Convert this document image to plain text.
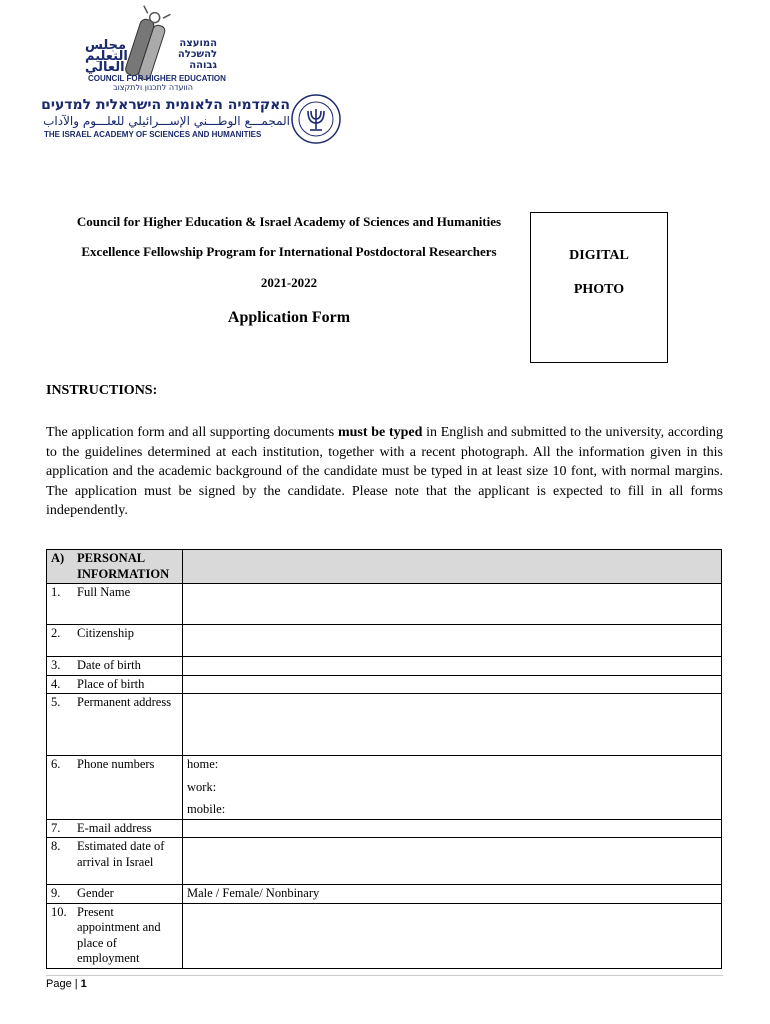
مجلس التعليم العالي
המועצה להשכלה גבוהה
COUNCIL FOR HIGHER EDUCATION
הוועדה לתכנון ולתקצוב
האקדמיה הלאומית הישראלית למדעים
المجمـــع الوطـــني الإســـرائيلي للعلـــوم والآداب
THE ISRAEL ACADEMY OF SCIENCES AND HUMANITIES
Council for Higher Education & Israel Academy of Sciences and Humanities
Excellence Fellowship Program for International Postdoctoral Researchers
2021-2022
Application Form
DIGITAL
PHOTO
INSTRUCTIONS:
The application form and all supporting documents must be typed in English and submitted to the university, according to the guidelines determined at each institution, together with a recent photograph. All the information given in this application and the academic background of the candidate must be typed in at least size 10 font, with normal margins. The application must be signed by the candidate. Please note that the applicant is expected to fill in all forms independently.
A) PERSONAL INFORMATION	
1. Full Name	
2. Citizenship	
3. Date of birth	
4. Place of birth	
5. Permanent address	
6. Phone numbers	home:
work:
mobile:

7. E-mail address	
8. Estimated date of arrival in Israel	
9. Gender	Male / Female/ Nonbinary
10. Present appointment and place of employment	
Page | 1
